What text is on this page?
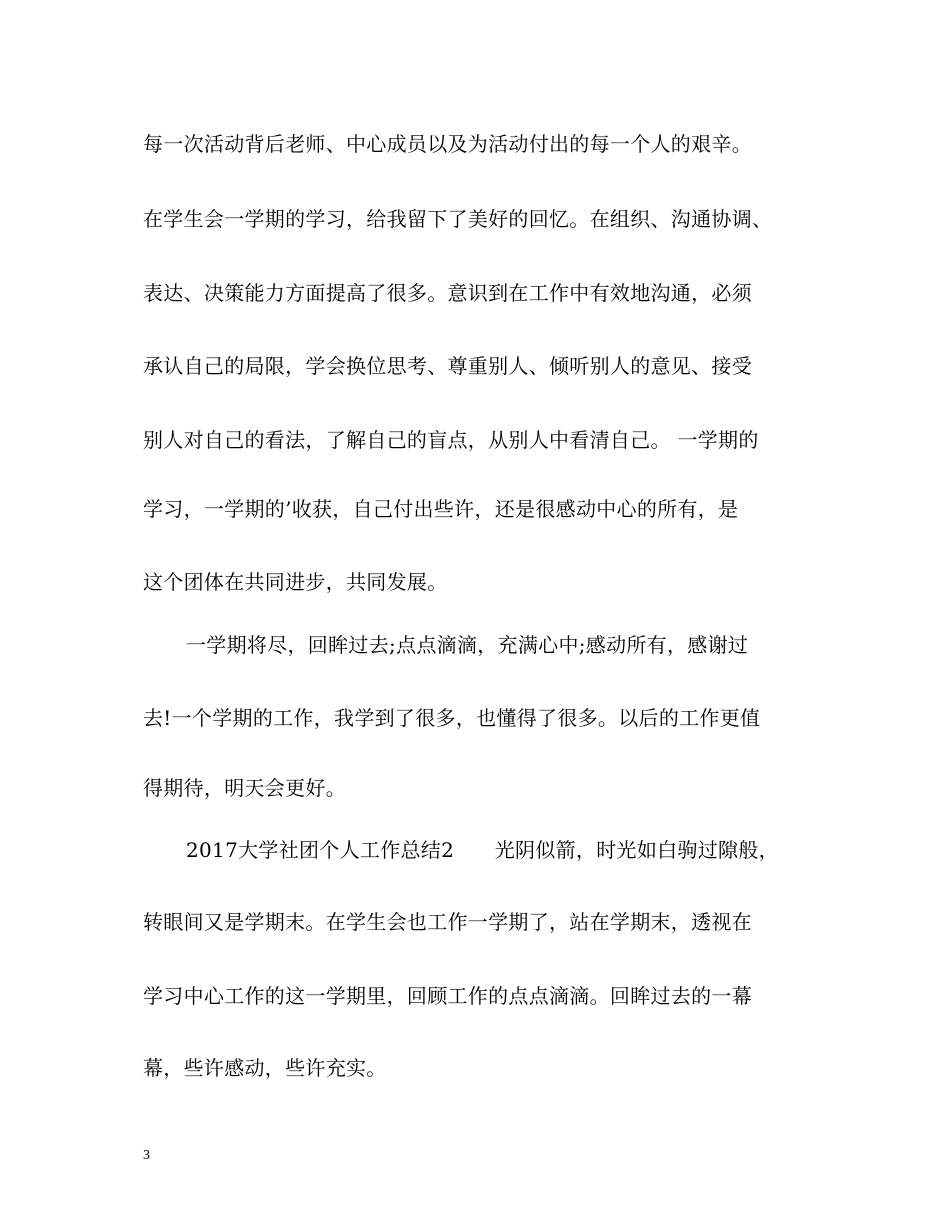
每一次活动背后老师、中心成员以及为活动付出的每一个人的艰辛。
在学生会一学期的学习，给我留下了美好的回忆。在组织、沟通协调、
表达、决策能力方面提高了很多。意识到在工作中有效地沟通，必须
承认自己的局限，学会换位思考、尊重别人、倾听别人的意见、接受
别人对自己的看法，了解自己的盲点，从别人中看清自己。 一学期的
学习，一学期的’收获，自己付出些许，还是很感动中心的所有，是
这个团体在共同进步，共同发展。
一学期将尽，回眸过去;点点滴滴，充满心中;感动所有，感谢过
去!一个学期的工作，我学到了很多，也懂得了很多。以后的工作更值
得期待，明天会更好。
2017大学社团个人工作总结2　　光阴似箭，时光如白驹过隙般，
转眼间又是学期末。在学生会也工作一学期了，站在学期末，透视在
学习中心工作的这一学期里，回顾工作的点点滴滴。回眸过去的一幕
幕，些许感动，些许充实。
3
